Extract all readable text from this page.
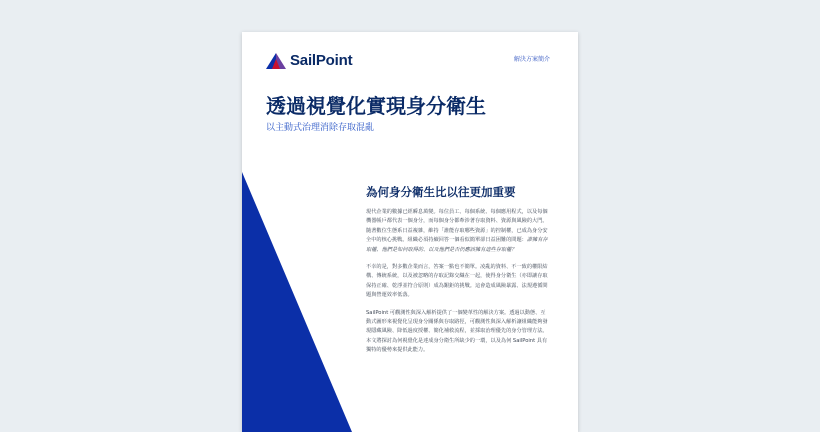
SailPoint	解決方案簡介
透過視覺化實現身分衛生
以主動式治理消除存取混亂
為何身分衛生比以往更加重要

現代企業的數據已經瞬息萬變。每位員工、每個系統、每個應用程式，以及每個機器帳戶都代表一個身分，而每個身分都牽涉著存取資料、資源與風險的大門。隨著數位生態系日益複雜，維持「誰能存取哪些資源」的控制權，已成為身分安全中的核心挑戰。組織必須持續回答一個看似簡單卻日益困難的問題：誰擁有存取權、他們是如何取得的、以及他們是否仍應該擁有這些存取權？

不幸的是，對多數企業而言，答案一點也不簡單。凌亂的資料、不一致的權限結構、傳統系統，以及被忽略的存取記錄交織在一起，使得身分衛生（亦即讓存取保持正確、乾淨並符合原則）成為艱鉅的挑戰。這會造成風險暴露、法規遵循問題與營運效率低落。

SailPoint 可觀測性與深入解析提供了一個變革性的解決方案。透過以動態、互動式圖形來視覺化呈現身分關係與存取路徑，可觀測性與深入解析讓組織能夠發現隱藏風險、降低過度授權、簡化補救流程，並採取治理優先的身分管理方法。本文將探討為何視覺化是達成身分衛生所缺少的一環，以及為何 SailPoint 具有獨特的優勢來提供此能力。
